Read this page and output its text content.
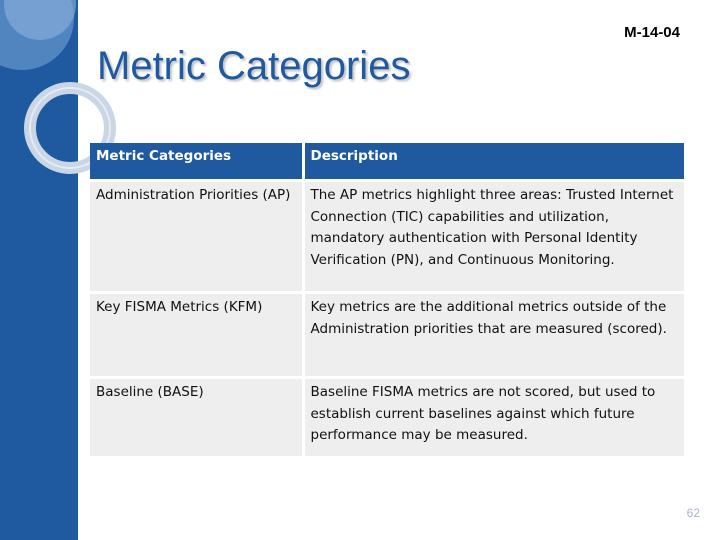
M-14-04
Metric Categories
Metric Categories	Description
Administration Priorities (AP)	The AP metrics highlight three areas: Trusted Internet Connection (TIC) capabilities and utilization, mandatory authentication with Personal Identity Verification (PN), and Continuous Monitoring.
Key FISMA Metrics (KFM)	Key metrics are the additional metrics outside of the Administration priorities that are measured (scored).
Baseline (BASE)	Baseline FISMA metrics are not scored, but used to establish current baselines against which future performance may be measured.
62
